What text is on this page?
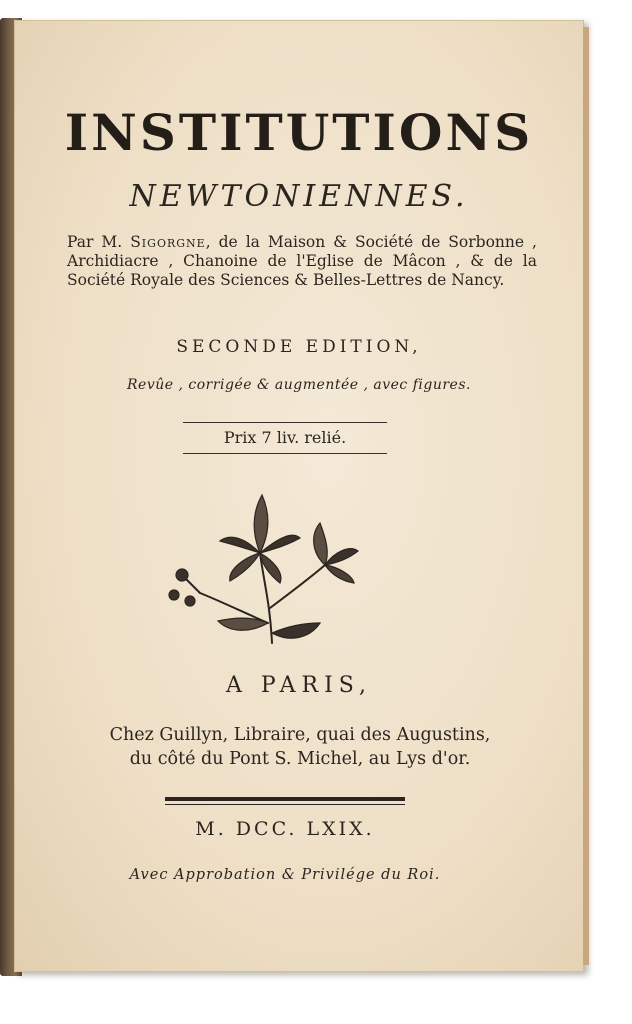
INSTITUTIONS
NEWTONIENNES.
Par M. Sigorgne, de la Maison & Société de Sorbonne , Archidiacre , Chanoine de l'Eglise de Mâcon , & de la Société Royale des Sciences & Belles-Lettres de Nancy.
SECONDE EDITION,
Revûe , corrigée & augmentée , avec figures.
Prix 7 liv. relié.
A PARIS,
Chez Guillyn, Libraire, quai des Augustins,
du côté du Pont S. Michel, au Lys d'or.
M. DCC. LXIX.
Avec Approbation & Privilége du Roi.
